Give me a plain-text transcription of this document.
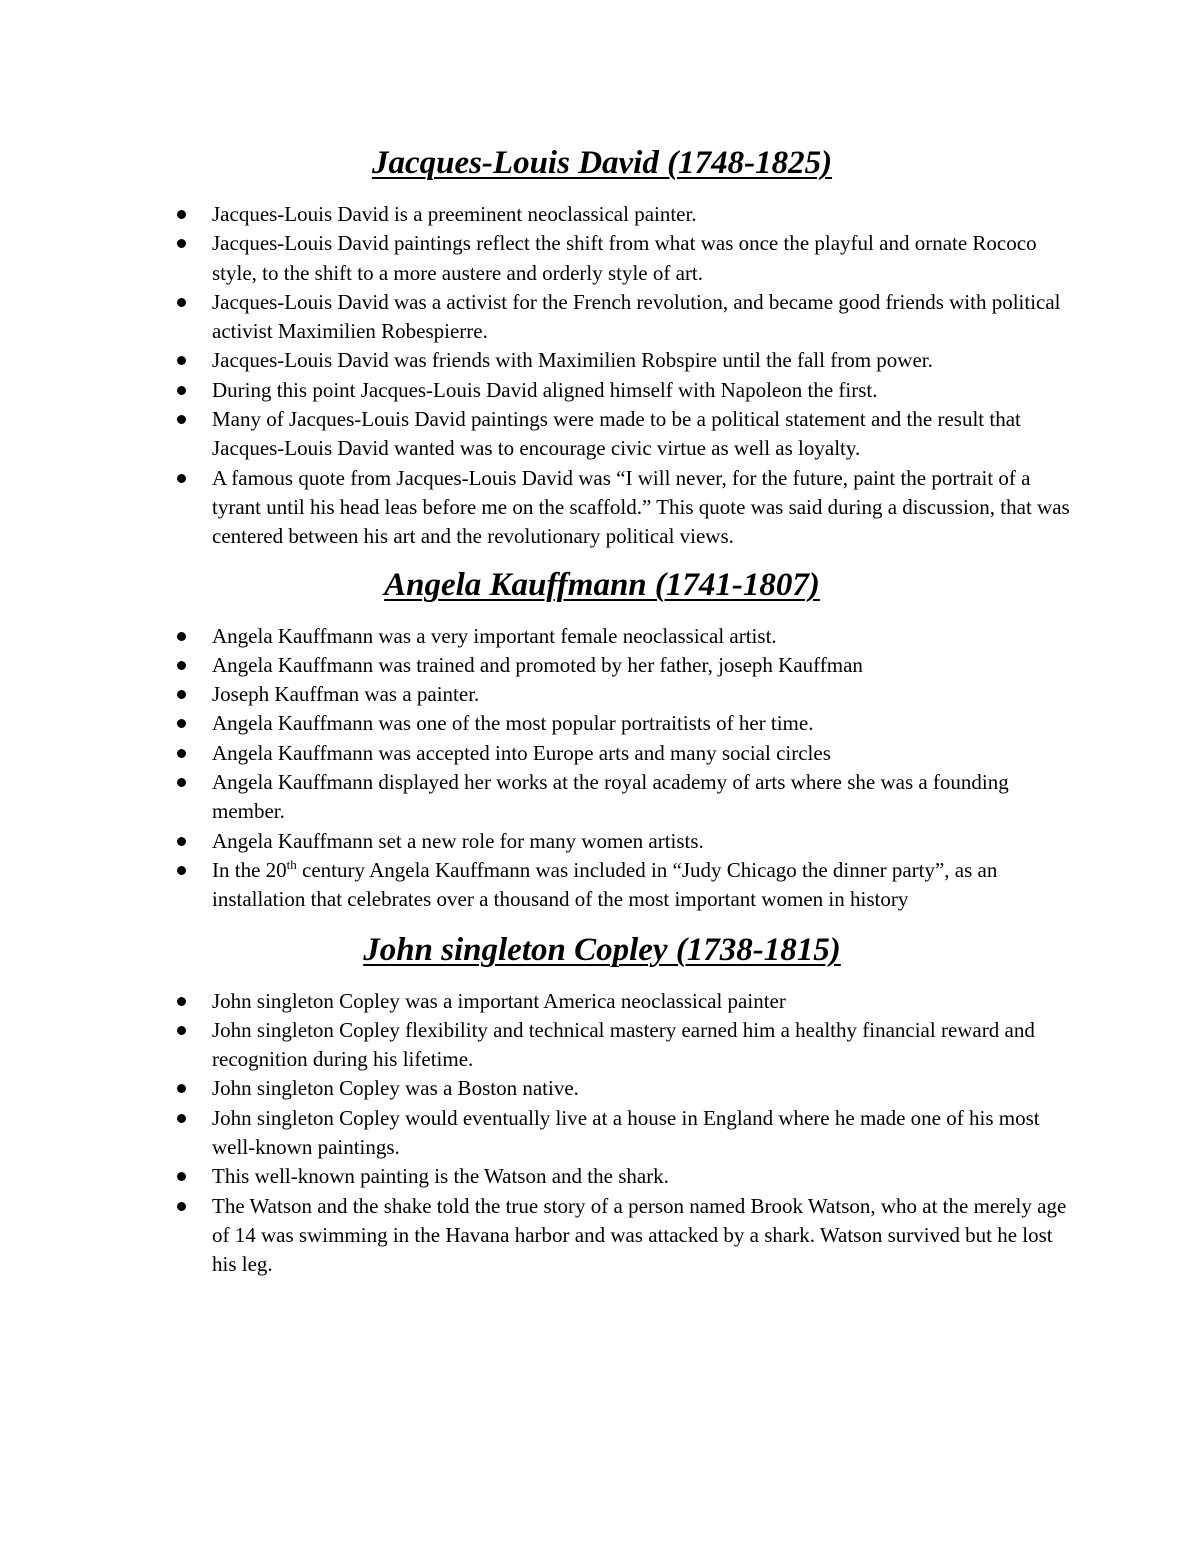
Jacques-Louis David (1748-1825)
Jacques-Louis David is a preeminent neoclassical painter.
Jacques-Louis David paintings reflect the shift from what was once the playful and ornate Rococo style, to the shift to a more austere and orderly style of art.
Jacques-Louis David was a activist for the French revolution, and became good friends with political activist Maximilien Robespierre.
Jacques-Louis David was friends with Maximilien Robspire until the fall from power.
During this point Jacques-Louis David aligned himself with Napoleon the first.
Many of Jacques-Louis David paintings were made to be a political statement and the result that Jacques-Louis David wanted was to encourage civic virtue as well as loyalty.
A famous quote from Jacques-Louis David was “I will never, for the future, paint the portrait of a tyrant until his head leas before me on the scaffold.” This quote was said during a discussion, that was centered between his art and the revolutionary political views.
Angela Kauffmann (1741-1807)
Angela Kauffmann was a very important female neoclassical artist.
Angela Kauffmann was trained and promoted by her father, joseph Kauffman
Joseph Kauffman was a painter.
Angela Kauffmann was one of the most popular portraitists of her time.
Angela Kauffmann was accepted into Europe arts and many social circles
Angela Kauffmann displayed her works at the royal academy of arts where she was a founding member.
Angela Kauffmann set a new role for many women artists.
In the 20th century Angela Kauffmann was included in “Judy Chicago the dinner party”, as an installation that celebrates over a thousand of the most important women in history
John singleton Copley (1738-1815)
John singleton Copley was a important America neoclassical painter
John singleton Copley flexibility and technical mastery earned him a healthy financial reward and recognition during his lifetime.
John singleton Copley was a Boston native.
John singleton Copley would eventually live at a house in England where he made one of his most well-known paintings.
This well-known painting is the Watson and the shark.
The Watson and the shake told the true story of a person named Brook Watson, who at the merely age of 14 was swimming in the Havana harbor and was attacked by a shark. Watson survived but he lost his leg.
